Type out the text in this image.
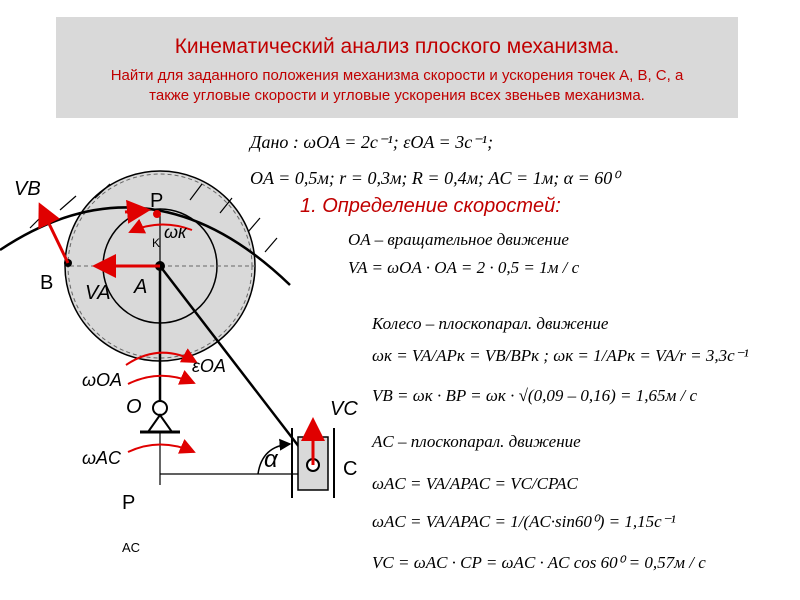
Кинематический анализ плоского механизма.
Найти для заданного положения механизма скорости и ускорения точек А, В, С, а также угловые скорости и угловые ускорения всех звеньев механизма.
VB
P
K
ωк
B VA A
εOA
ωOA
O	VC
ωAC	α	C
P
AC
Дано : ωOA = 2c⁻¹; εOA = 3c⁻¹;
OA = 0,5м; r = 0,3м; R = 0,4м; AC = 1м; α = 60⁰
1. Определение скоростей:
OA – вращательное движение
VA = ωOA · OA = 2 · 0,5 = 1м / c
Колесо – плоскопарал. движение
ωк = VA/APк = VB/BPк ; ωк = 1/APк = VA/r = 3,3c⁻¹
VB = ωк · BP = ωк · √(0,09 – 0,16) = 1,65м / c
AC – плоскопарал. движение
ωAC = VA/APAC = VC/CPAC
ωAC = VA/APAC = 1/(AC·sin60⁰) = 1,15c⁻¹
VC = ωAC · CP = ωAC · AC cos 60⁰ = 0,57м / c
